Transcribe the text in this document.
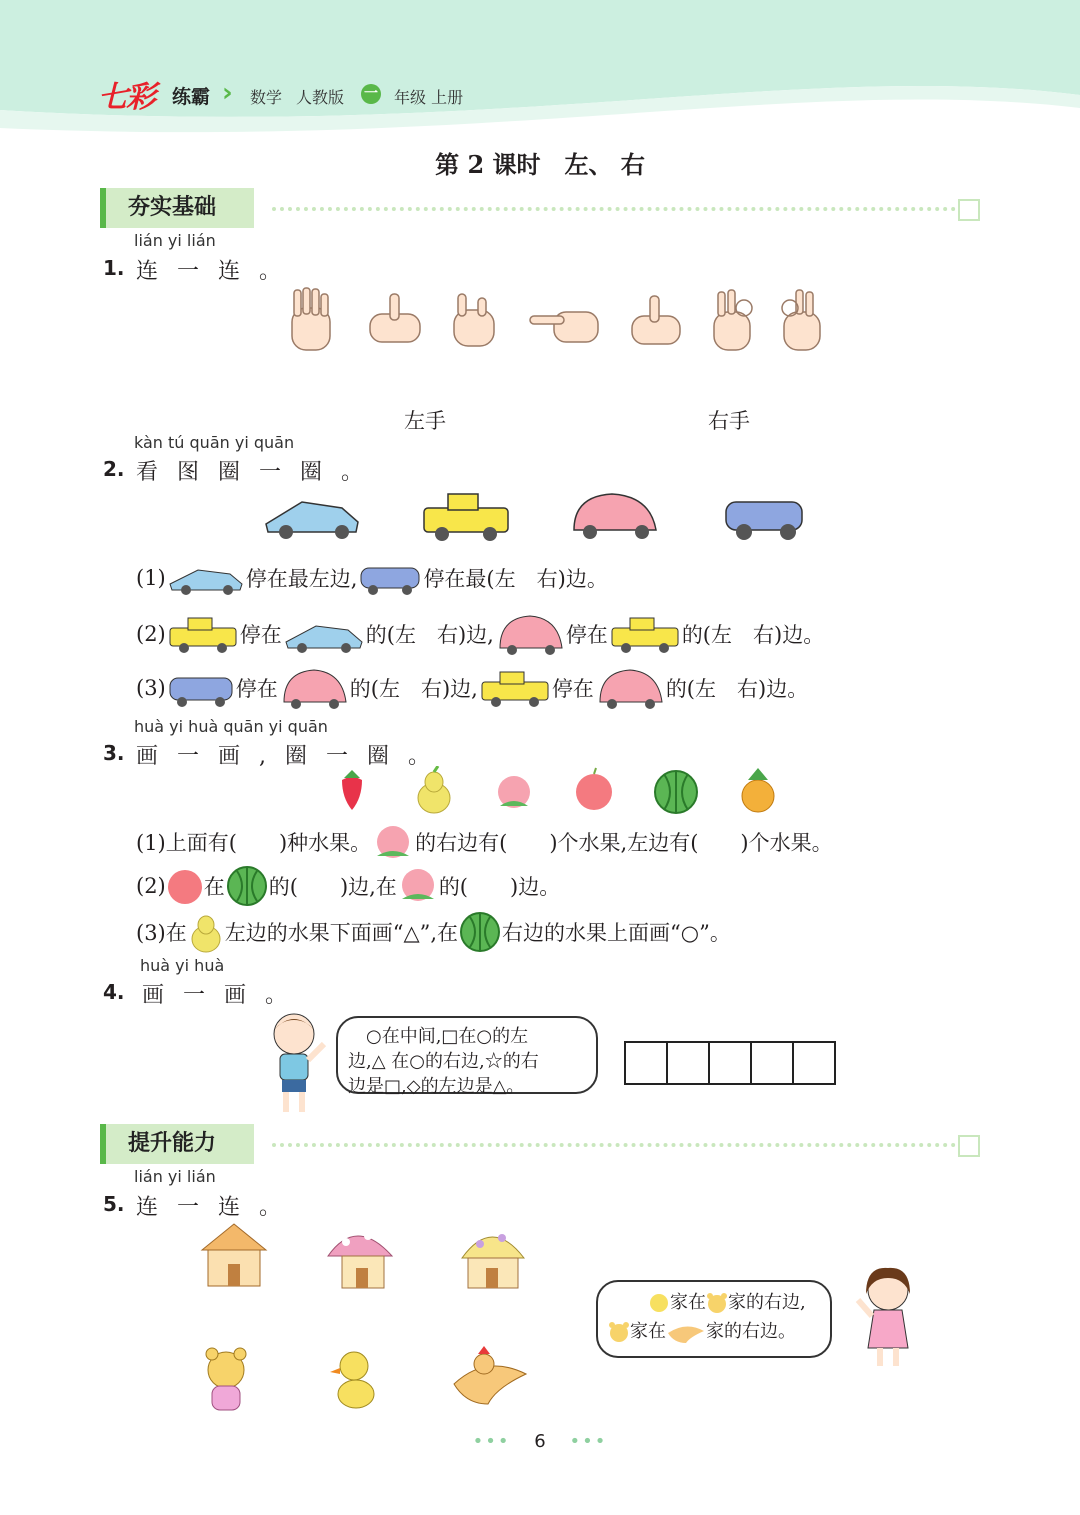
七彩 练霸 › 数学 人教版 一 年级 上册
第 2 课时　左、 右
夯实基础
lián yi lián
1. 连 一 连 。
左手	右手
kàn tú quān yi quān
2. 看 图 圈 一 圈 。
(1)	停在最左边,	停在最(左　右)边。
(2)	停在	的(左　右)边,	停在	的(左　右)边。
(3)	停在	的(左　右)边,	停在	的(左　右)边。
huà yi huà quān yi quān
3. 画 一 画 , 圈 一 圈 。
(1)上面有(　　)种水果。 的右边有(　　)个水果,左边有(　　)个水果。
(2) 在 的(　　)边,在 的(　　)边。
(3)在 左边的水果下面画“△”,在 右边的水果上面画“○”。
huà yi huà
4. 画 一 画 。
　○在中间,□在○的左
边,△ 在○的右边,☆的右
边是□,◇的左边是△。
提升能力
lián yi lián
5. 连 一 连 。
家在 家的右边,
家在 家的右边。
••• 6 •••
